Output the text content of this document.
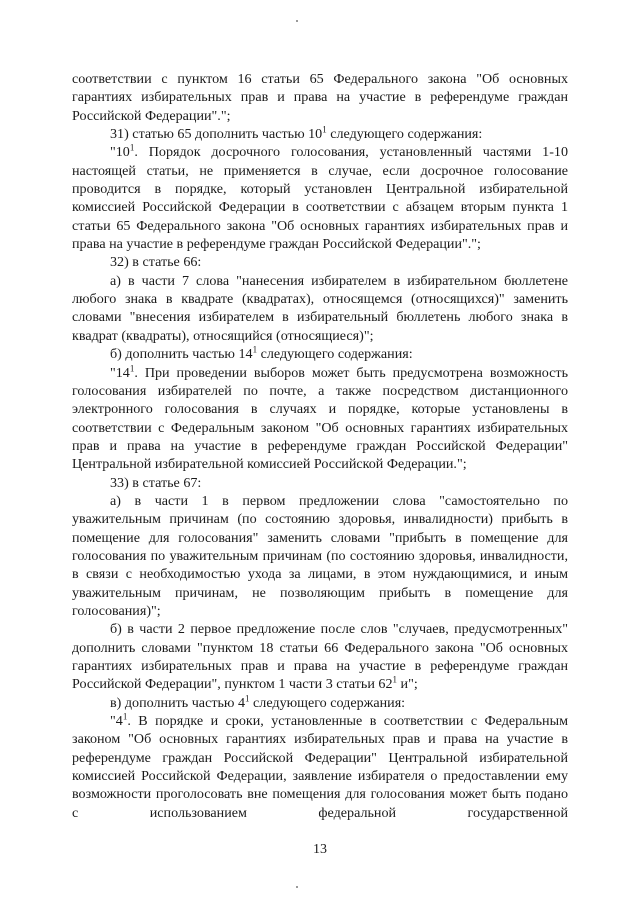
соответствии с пунктом 16 статьи 65 Федерального закона "Об основных гарантиях избирательных прав и права на участие в референдуме граждан Российской Федерации".";

31) статью 65 дополнить частью $10^1$ следующего содержания:

"$10^1$. Порядок досрочного голосования, установленный частями 1-10 настоящей статьи, не применяется в случае, если досрочное голосование проводится в порядке, который установлен Центральной избирательной комиссией Российской Федерации в соответствии с абзацем вторым пункта 1 статьи 65 Федерального закона "Об основных гарантиях избирательных прав и права на участие в референдуме граждан Российской Федерации".";

32) в статье 66:

а) в части 7 слова "нанесения избирателем в избирательном бюллетене любого знака в квадрате (квадратах), относящемся (относящихся)" заменить словами "внесения избирателем в избирательный бюллетень любого знака в квадрат (квадраты), относящийся (относящиеся)";

б) дополнить частью $14^1$ следующего содержания:

"$14^1$. При проведении выборов может быть предусмотрена возможность голосования избирателей по почте, а также посредством дистанционного электронного голосования в случаях и порядке, которые установлены в соответствии с Федеральным законом "Об основных гарантиях избирательных прав и права на участие в референдуме граждан Российской Федерации" Центральной избирательной комиссией Российской Федерации.";

33) в статье 67:

а) в части 1 в первом предложении слова "самостоятельно по уважительным причинам (по состоянию здоровья, инвалидности) прибыть в помещение для голосования" заменить словами "прибыть в помещение для голосования по уважительным причинам (по состоянию здоровья, инвалидности, в связи с необходимостью ухода за лицами, в этом нуждающимися, и иным уважительным причинам, не позволяющим прибыть в помещение для голосования)";

б) в части 2 первое предложение после слов "случаев, предусмотренных" дополнить словами "пунктом 18 статьи 66 Федерального закона "Об основных гарантиях избирательных прав и права на участие в референдуме граждан Российской Федерации", пунктом 1 части 3 статьи $62^1$ и";

в) дополнить частью $4^1$ следующего содержания:

"$4^1$. В порядке и сроки, установленные в соответствии с Федеральным законом "Об основных гарантиях избирательных прав и права на участие в референдуме граждан Российской Федерации" Центральной избирательной комиссией Российской Федерации, заявление избирателя о предоставлении ему возможности проголосовать вне помещения для голосования может быть подано с использованием федеральной государственной

13
